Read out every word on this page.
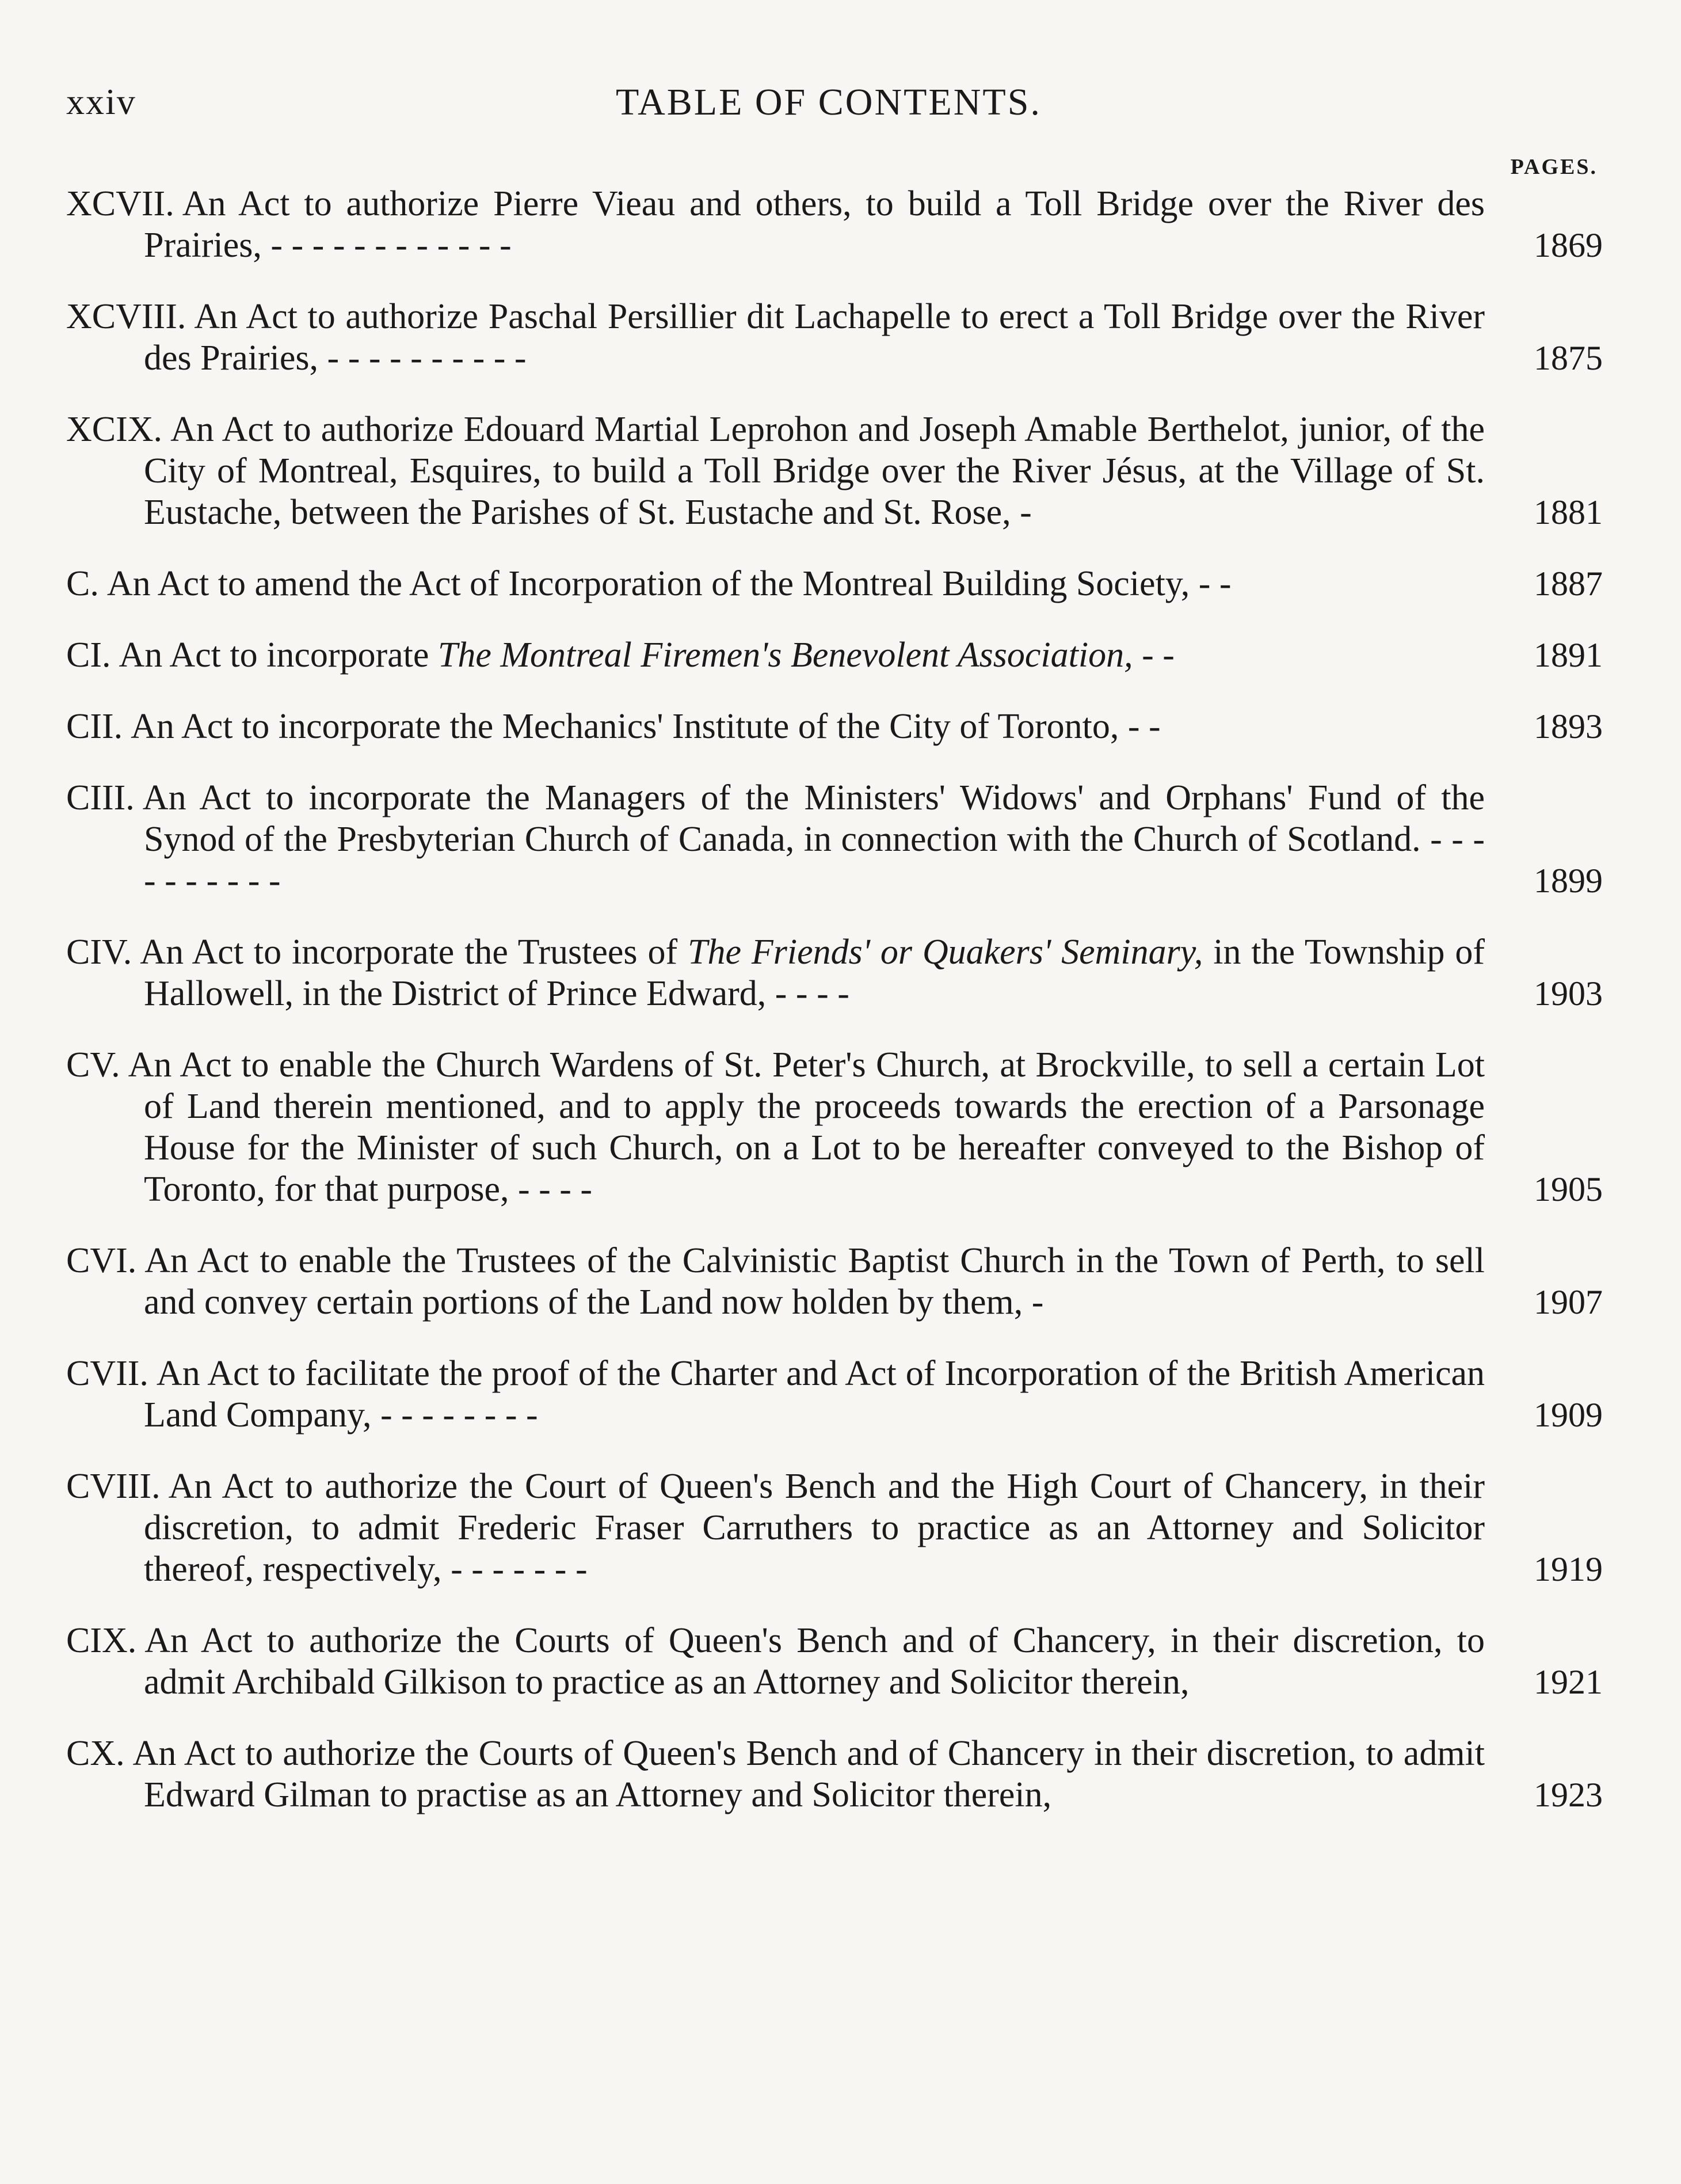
xxiv	TABLE OF CONTENTS.
PAGES.
XCVII. An Act to authorize Pierre Vieau and others, to build a Toll Bridge over the River des Prairies, - - - - - - - - - - - -	1869
XCVIII. An Act to authorize Paschal Persillier dit Lachapelle to erect a Toll Bridge over the River des Prairies, - - - - - - - - - -	1875
XCIX. An Act to authorize Edouard Martial Leprohon and Joseph Amable Berthelot, junior, of the City of Montreal, Esquires, to build a Toll Bridge over the River Jésus, at the Village of St. Eustache, between the Parishes of St. Eustache and St. Rose, -	1881
C. An Act to amend the Act of Incorporation of the Montreal Building Society, - -	1887
CI. An Act to incorporate The Montreal Firemen's Benevolent Association, - -	1891
CII. An Act to incorporate the Mechanics' Institute of the City of Toronto, - -	1893
CIII. An Act to incorporate the Managers of the Ministers' Widows' and Orphans' Fund of the Synod of the Presbyterian Church of Canada, in connection with the Church of Scotland. - - - - - - - - - -	1899
CIV. An Act to incorporate the Trustees of The Friends' or Quakers' Seminary, in the Township of Hallowell, in the District of Prince Edward, - - - -	1903
CV. An Act to enable the Church Wardens of St. Peter's Church, at Brockville, to sell a certain Lot of Land therein mentioned, and to apply the proceeds towards the erection of a Parsonage House for the Minister of such Church, on a Lot to be hereafter conveyed to the Bishop of Toronto, for that purpose, - - - -	1905
CVI. An Act to enable the Trustees of the Calvinistic Baptist Church in the Town of Perth, to sell and convey certain portions of the Land now holden by them, -	1907
CVII. An Act to facilitate the proof of the Charter and Act of Incorporation of the British American Land Company, - - - - - - - -	1909
CVIII. An Act to authorize the Court of Queen's Bench and the High Court of Chancery, in their discretion, to admit Frederic Fraser Carruthers to practice as an Attorney and Solicitor thereof, respectively, - - - - - - -	1919
CIX. An Act to authorize the Courts of Queen's Bench and of Chancery, in their discretion, to admit Archibald Gilkison to practice as an Attorney and Solicitor therein,	1921
CX. An Act to authorize the Courts of Queen's Bench and of Chancery in their discretion, to admit Edward Gilman to practise as an Attorney and Solicitor therein,	1923
